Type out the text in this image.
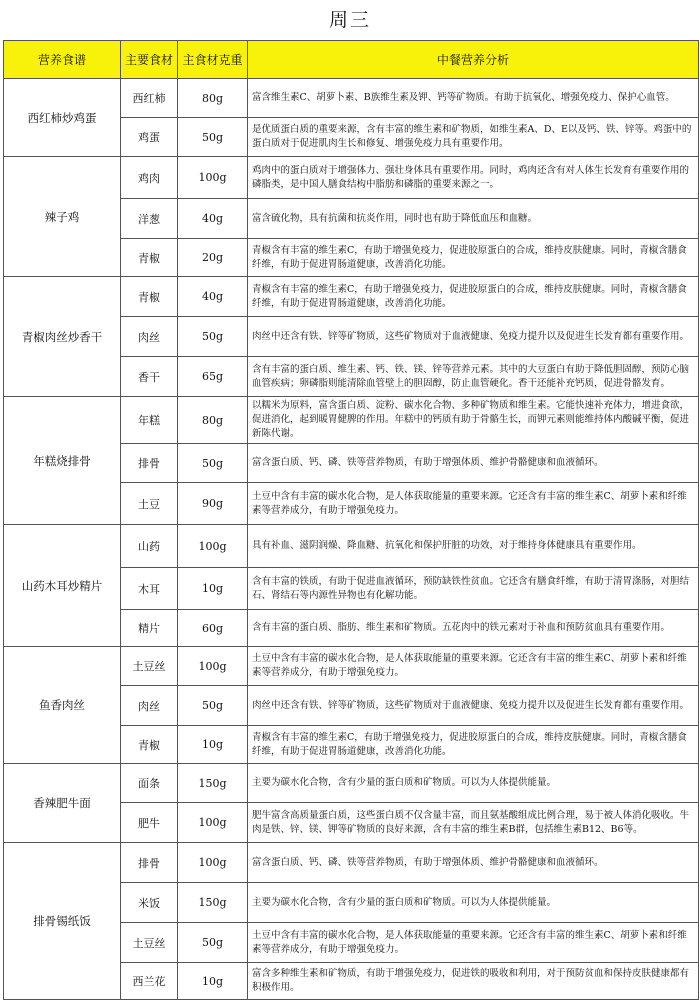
周三
营养食谱	主要食材	主食材克重	中餐营养分析
西红柿炒鸡蛋	西红柿	80g	富含维生素C、胡萝卜素、B族维生素及钾、钙等矿物质。有助于抗氧化、增强免疫力、保护心血管。
	鸡蛋	50g	是优质蛋白质的重要来源，含有丰富的维生素和矿物质，如维生素A、D、E以及钙、铁、锌等。鸡蛋中的蛋白质对于促进肌肉生长和修复、增强免疫力具有重要作用。
辣子鸡	鸡肉	100g	鸡肉中的蛋白质对于增强体力、强壮身体具有重要作用。同时，鸡肉还含有对人体生长发育有重要作用的磷脂类，是中国人膳食结构中脂肪和磷脂的重要来源之一。
	洋葱	40g	富含硫化物，具有抗菌和抗炎作用，同时也有助于降低血压和血糖。
	青椒	20g	青椒含有丰富的维生素C，有助于增强免疫力，促进胶原蛋白的合成，维持皮肤健康。同时，青椒含膳食纤维，有助于促进胃肠道健康，改善消化功能。
青椒肉丝炒香干	青椒	40g	青椒含有丰富的维生素C，有助于增强免疫力，促进胶原蛋白的合成，维持皮肤健康。同时，青椒含膳食纤维，有助于促进胃肠道健康，改善消化功能。
	肉丝	50g	肉丝中还含有铁、锌等矿物质，这些矿物质对于血液健康、免疫力提升以及促进生长发育都有重要作用。
	香干	65g	含有丰富的蛋白质、维生素、钙、铁、镁、锌等营养元素。其中的大豆蛋白有助于降低胆固醇，预防心脑血管疾病；卵磷脂则能清除血管壁上的胆固醇，防止血管硬化。香干还能补充钙质，促进骨骼发育。
年糕烧排骨	年糕	80g	以糯米为原料，富含蛋白质、淀粉、碳水化合物、多种矿物质和维生素。它能快速补充体力，增进食欲，促进消化，起到暖胃健脾的作用。年糕中的钙质有助于骨骼生长，而钾元素则能维持体内酸碱平衡，促进新陈代谢。
	排骨	50g	富含蛋白质、钙、磷、铁等营养物质，有助于增强体质、维护骨骼健康和血液循环。
	土豆	90g	土豆中含有丰富的碳水化合物，是人体获取能量的重要来源。它还含有丰富的维生素C、胡萝卜素和纤维素等营养成分，有助于增强免疫力。
山药木耳炒精片	山药	100g	具有补血、滋阴润燥、降血糖、抗氧化和保护肝脏的功效，对于维持身体健康具有重要作用。
	木耳	10g	含有丰富的铁质，有助于促进血液循环，预防缺铁性贫血。它还含有膳食纤维，有助于清胃涤肠，对胆结石、肾结石等内源性异物也有化解功能。
	精片	60g	含有丰富的蛋白质、脂肪、维生素和矿物质。五花肉中的铁元素对于补血和预防贫血具有重要作用。
鱼香肉丝	土豆丝	100g	土豆中含有丰富的碳水化合物，是人体获取能量的重要来源。它还含有丰富的维生素C、胡萝卜素和纤维素等营养成分，有助于增强免疫力。
	肉丝	50g	肉丝中还含有铁、锌等矿物质，这些矿物质对于血液健康、免疫力提升以及促进生长发育都有重要作用。
	青椒	10g	青椒含有丰富的维生素C，有助于增强免疫力，促进胶原蛋白的合成，维持皮肤健康。同时，青椒含膳食纤维，有助于促进胃肠道健康，改善消化功能。
香辣肥牛面	面条	150g	主要为碳水化合物，含有少量的蛋白质和矿物质。可以为人体提供能量。
	肥牛	100g	肥牛富含高质量蛋白质，这些蛋白质不仅含量丰富，而且氨基酸组成比例合理，易于被人体消化吸收。牛肉是铁、锌、镁、钾等矿物质的良好来源，含有丰富的维生素B群，包括维生素B12、B6等。
排骨锡纸饭	排骨	100g	富含蛋白质、钙、磷、铁等营养物质，有助于增强体质、维护骨骼健康和血液循环。
	米饭	150g	主要为碳水化合物，含有少量的蛋白质和矿物质。可以为人体提供能量。
	土豆丝	50g	土豆中含有丰富的碳水化合物，是人体获取能量的重要来源。它还含有丰富的维生素C、胡萝卜素和纤维素等营养成分，有助于增强免疫力。
	西兰花	10g	富含多种维生素和矿物质，有助于增强免疫力，促进铁的吸收和利用，对于预防贫血和保持皮肤健康都有积极作用。
